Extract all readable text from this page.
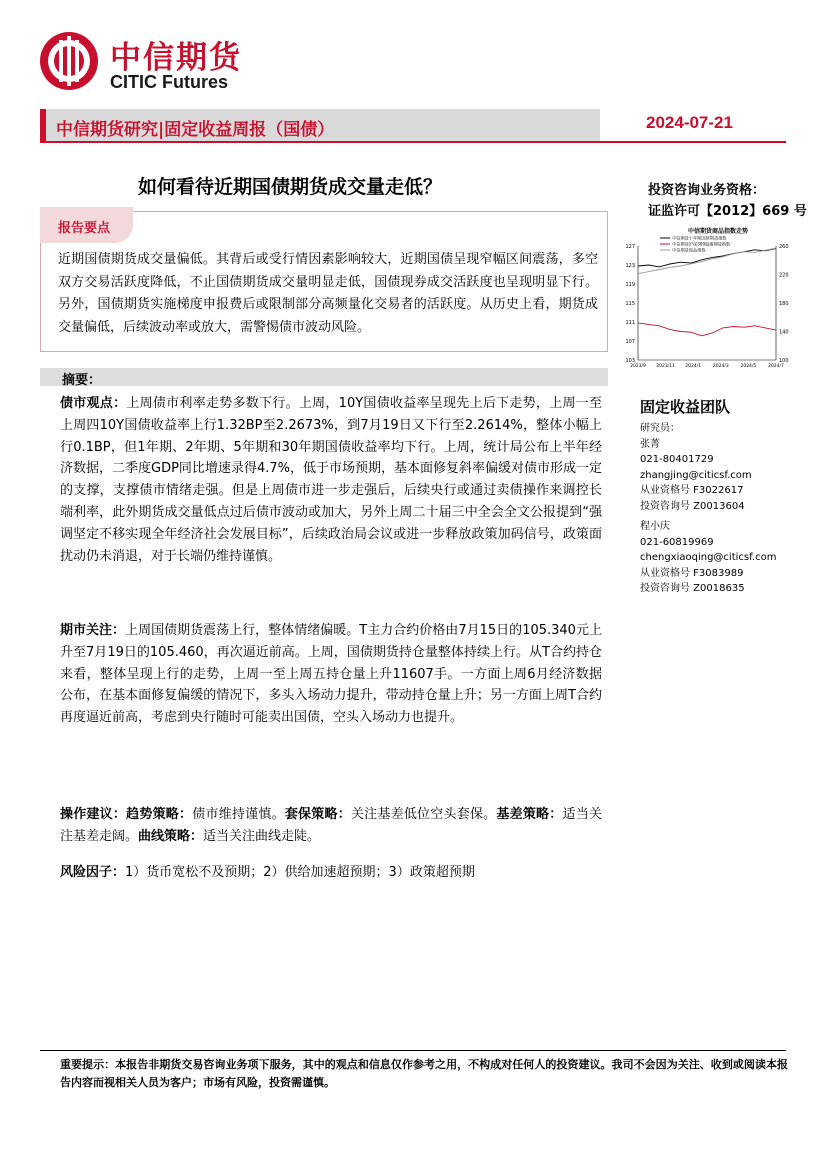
中信期货
CITIC Futures
中信期货研究|固定收益周报（国债）	2024-07-21
如何看待近期国债期货成交量走低？	投资咨询业务资格：
证监许可【2012】669 号
报告要点
近期国债期货成交量偏低。其背后或受行情因素影响较大，近期国债呈现窄幅区间震荡，多空双方交易活跃度降低，不止国债期货成交量明显走低，国债现券成交活跃度也呈现明显下行。另外，国债期货实施梯度申报费后或限制部分高频量化交易者的活跃度。从历史上看，期货成交量偏低，后续波动率或放大，需警惕债市波动风险。
中信期货商品指数走势
中信期货十年期国债期货指数
中信期货沪深300股指期货指数
中信期货商品指数
103
107
111
115
119
123
127
100
140
180
220
260
2023/9 2023/11 2024/1	2024/3	2024/5	2024/7
摘要：
债市观点：上周债市利率走势多数下行。上周，10Y国债收益率呈现先上后下走势，上周一至上周四10Y国债收益率上行1.32BP至2.2673%，到7月19日又下行至2.2614%，整体小幅上行0.1BP，但1年期、2年期、5年期和30年期国债收益率均下行。上周，统计局公布上半年经济数据，二季度GDP同比增速录得4.7%，低于市场预期，基本面修复斜率偏缓对债市形成一定的支撑，支撑债市情绪走强。但是上周债市进一步走强后，后续央行或通过卖债操作来调控长端利率，此外期货成交量低点过后债市波动或加大，另外上周二十届三中全会全文公报提到“强调坚定不移实现全年经济社会发展目标”，后续政治局会议或进一步释放政策加码信号，政策面扰动仍未消退，对于长端仍维持谨慎。
期市关注：上周国债期货震荡上行，整体情绪偏暖。T主力合约价格由7月15日的105.340元上升至7月19日的105.460，再次逼近前高。上周，国债期货持仓量整体持续上行。从T合约持仓来看，整体呈现上行的走势，上周一至上周五持仓量上升11607手。一方面上周6月经济数据公布，在基本面修复偏缓的情况下，多头入场动力提升，带动持仓量上升；另一方面上周T合约再度逼近前高，考虑到央行随时可能卖出国债，空头入场动力也提升。
操作建议：趋势策略：债市维持谨慎。套保策略：关注基差低位空头套保。基差策略：适当关注基差走阔。曲线策略：适当关注曲线走陡。
风险因子：1）货币宽松不及预期；2）供给加速超预期；3）政策超预期
固定收益团队
研究员：
张菁
021-80401729
zhangjing@citicsf.com
从业资格号 F3022617
投资咨询号 Z0013604
程小庆
021-60819969
chengxiaoqing@citicsf.com
从业资格号 F3083989
投资咨询号 Z0018635
重要提示：本报告非期货交易咨询业务项下服务，其中的观点和信息仅作参考之用，不构成对任何人的投资建议。我司不会因为关注、收到或阅读本报告内容而视相关人员为客户；市场有风险，投资需谨慎。
